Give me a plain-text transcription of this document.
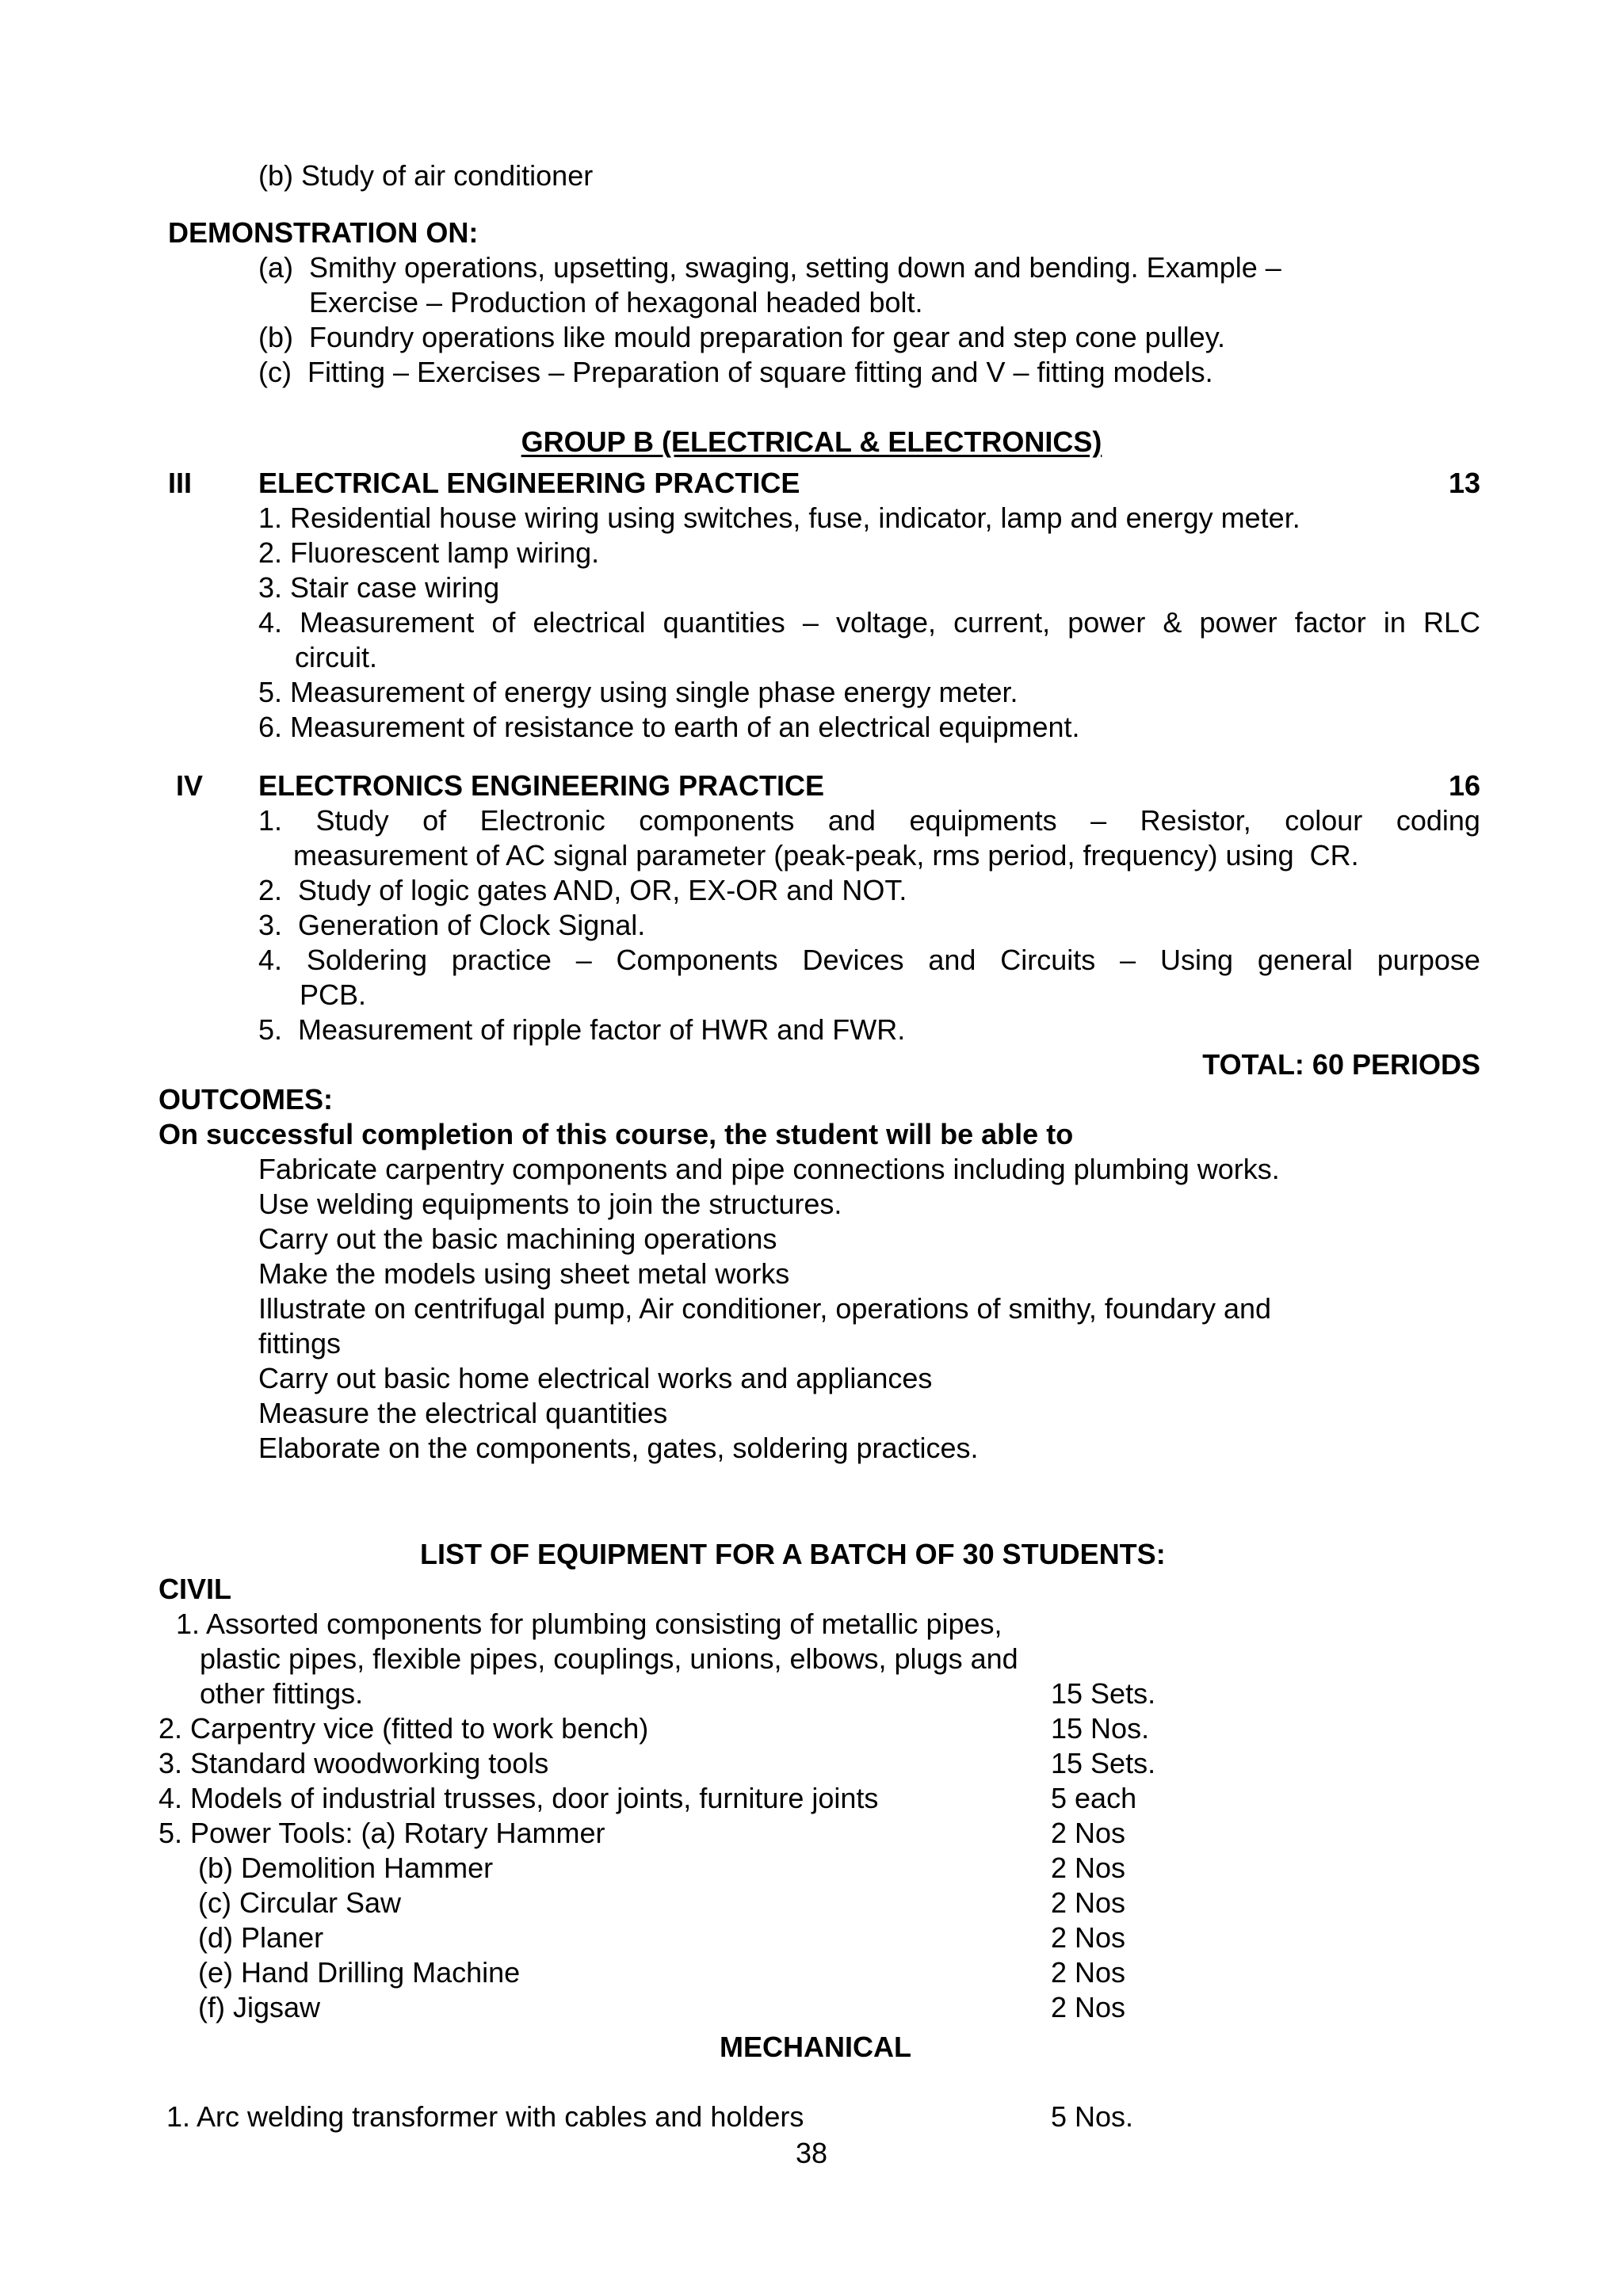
(b) Study of air conditioner
DEMONSTRATION ON:
(a)  Smithy operations, upsetting, swaging, setting down and bending. Example –
Exercise – Production of hexagonal headed bolt.
(b)  Foundry operations like mould preparation for gear and step cone pulley.
(c)  Fitting – Exercises – Preparation of square fitting and V – fitting models.
GROUP B (ELECTRICAL & ELECTRONICS)
III ELECTRICAL ENGINEERING PRACTICE	13
1. Residential house wiring using switches, fuse, indicator, lamp and energy meter.
2. Fluorescent lamp wiring.
3. Stair case wiring
4. Measurement of electrical quantities – voltage, current, power & power factor in RLC
circuit.
5. Measurement of energy using single phase energy meter.
6. Measurement of resistance to earth of an electrical equipment.
IV ELECTRONICS ENGINEERING PRACTICE	16
1. Study of Electronic components and equipments – Resistor, colour coding
measurement of AC signal parameter (peak-peak, rms period, frequency) using  CR.
2.  Study of logic gates AND, OR, EX-OR and NOT.
3.  Generation of Clock Signal.
4. Soldering practice – Components Devices and Circuits – Using general purpose
PCB.
5.  Measurement of ripple factor of HWR and FWR.
TOTAL: 60 PERIODS
OUTCOMES:
On successful completion of this course, the student will be able to
Fabricate carpentry components and pipe connections including plumbing works.
Use welding equipments to join the structures.
Carry out the basic machining operations
Make the models using sheet metal works
Illustrate on centrifugal pump, Air conditioner, operations of smithy, foundary and
fittings
Carry out basic home electrical works and appliances
Measure the electrical quantities
Elaborate on the components, gates, soldering practices.
LIST OF EQUIPMENT FOR A BATCH OF 30 STUDENTS:
CIVIL
1. Assorted components for plumbing consisting of metallic pipes,
plastic pipes, flexible pipes, couplings, unions, elbows, plugs and
other fittings.	15 Sets.
2. Carpentry vice (fitted to work bench)	15 Nos.
3. Standard woodworking tools	15 Sets.
4. Models of industrial trusses, door joints, furniture joints	5 each
5. Power Tools: (a) Rotary Hammer	2 Nos
(b) Demolition Hammer	2 Nos
(c) Circular Saw	2 Nos
(d) Planer	2 Nos
(e) Hand Drilling Machine	2 Nos
(f) Jigsaw	2 Nos
MECHANICAL
1. Arc welding transformer with cables and holders	5 Nos.
38
